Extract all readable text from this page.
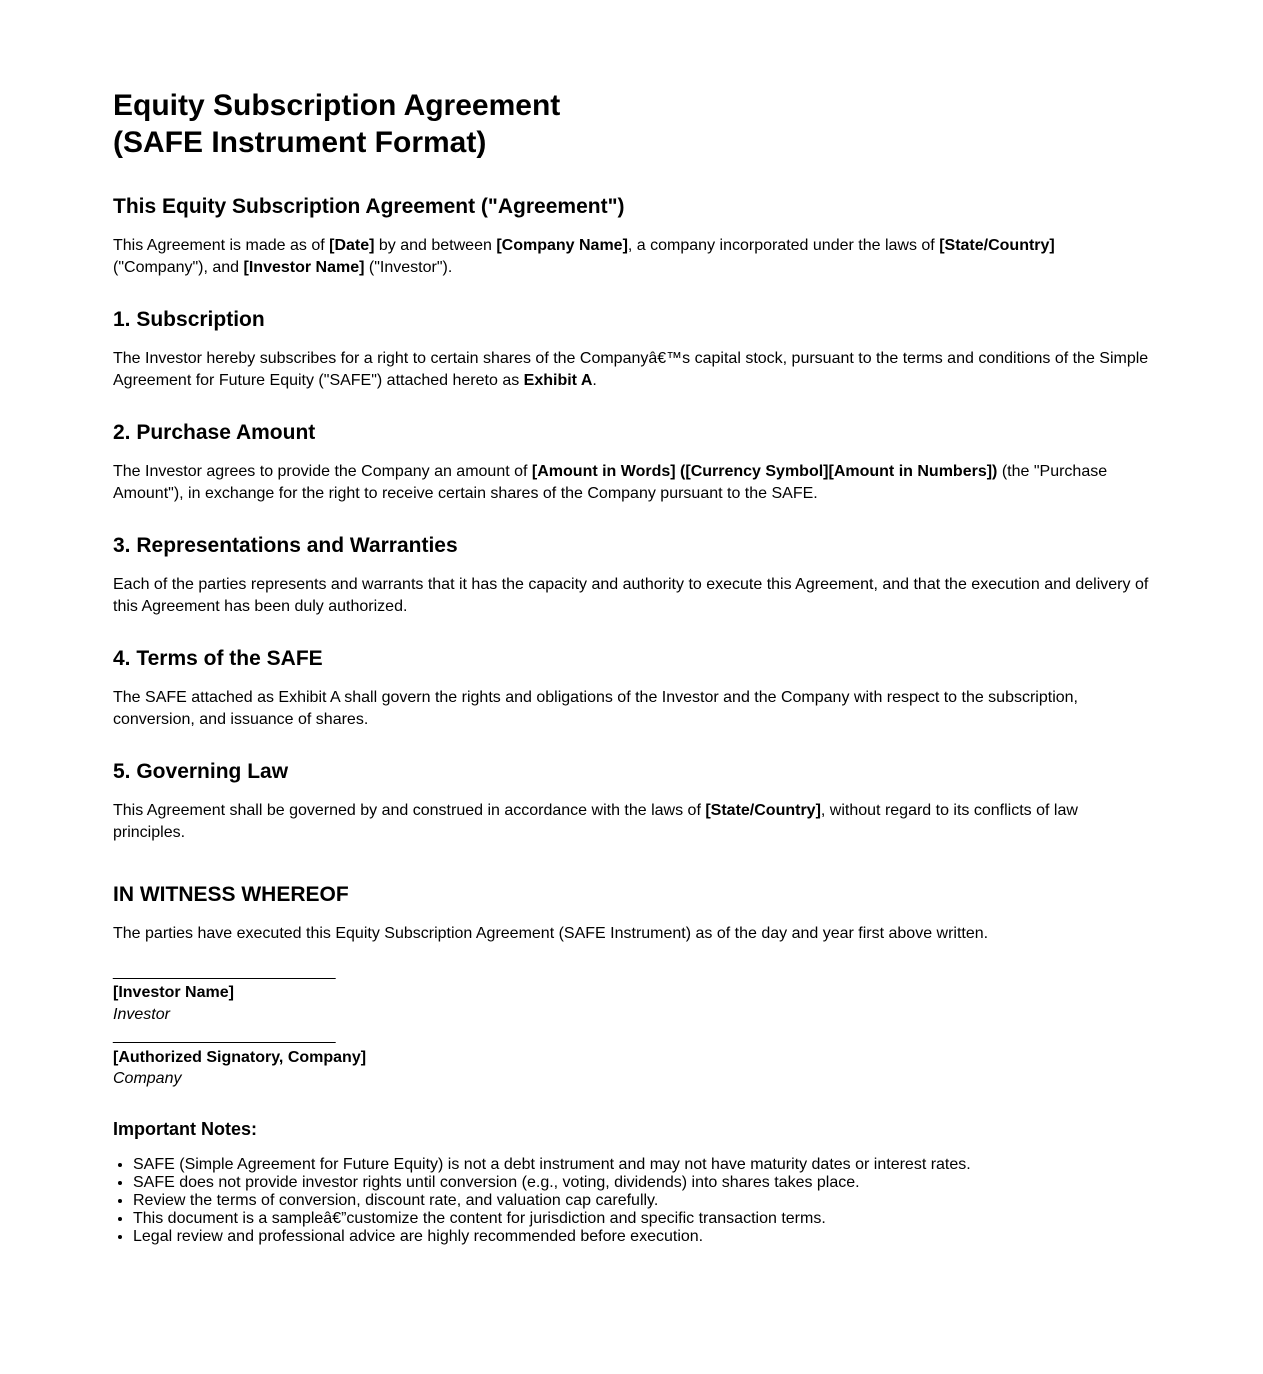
Equity Subscription Agreement
(SAFE Instrument Format)
This Equity Subscription Agreement ("Agreement")

This Agreement is made as of [Date] by and between [Company Name], a company incorporated under the laws of [State/Country] ("Company"), and [Investor Name] ("Investor").

1. Subscription

The Investor hereby subscribes for a right to certain shares of the Companyâ€™s capital stock, pursuant to the terms and conditions of the Simple Agreement for Future Equity ("SAFE") attached hereto as Exhibit A.

2. Purchase Amount

The Investor agrees to provide the Company an amount of [Amount in Words] ([Currency Symbol][Amount in Numbers]) (the "Purchase Amount"), in exchange for the right to receive certain shares of the Company pursuant to the SAFE.

3. Representations and Warranties

Each of the parties represents and warrants that it has the capacity and authority to execute this Agreement, and that the execution and delivery of this Agreement has been duly authorized.

4. Terms of the SAFE

The SAFE attached as Exhibit A shall govern the rights and obligations of the Investor and the Company with respect to the subscription, conversion, and issuance of shares.

5. Governing Law

This Agreement shall be governed by and construed in accordance with the laws of [State/Country], without regard to its conflicts of law principles.

IN WITNESS WHEREOF

The parties have executed this Equity Subscription Agreement (SAFE Instrument) as of the day and year first above written.

_________________________
[Investor Name]
Investor
_________________________
[Authorized Signatory, Company]
Company
Important Notes:
• SAFE (Simple Agreement for Future Equity) is not a debt instrument and may not have maturity dates or interest rates.
• SAFE does not provide investor rights until conversion (e.g., voting, dividends) into shares takes place.
• Review the terms of conversion, discount rate, and valuation cap carefully.
• This document is a sampleâ€”customize the content for jurisdiction and specific transaction terms.
• Legal review and professional advice are highly recommended before execution.
